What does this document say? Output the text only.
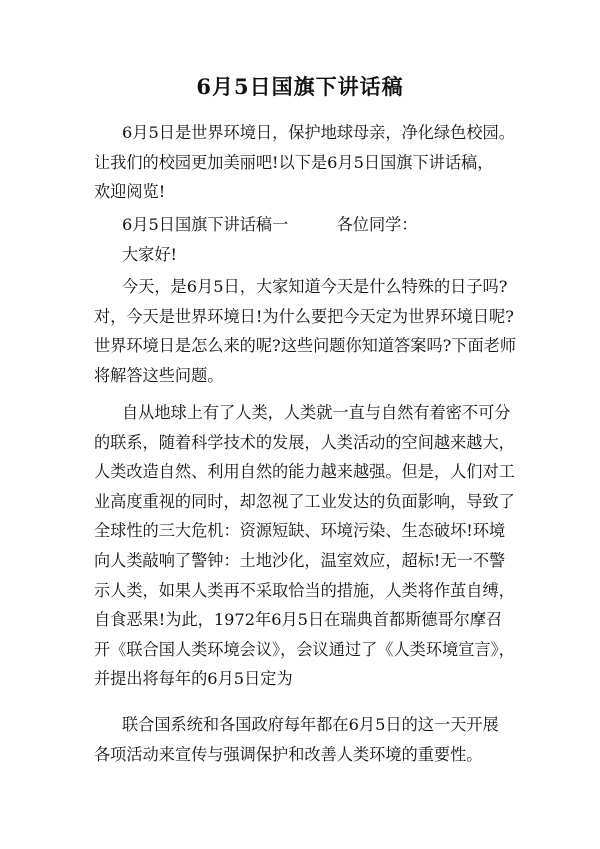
6月5日国旗下讲话稿

6月5日是世界环境日，保护地球母亲，净化绿色校园。
让我们的校园更加美丽吧!以下是6月5日国旗下讲话稿，
欢迎阅览!

6月5日国旗下讲话稿一	各位同学：

大家好!

今天，是6月5日，大家知道今天是什么特殊的日子吗?
对，今天是世界环境日!为什么要把今天定为世界环境日呢?
世界环境日是怎么来的呢?这些问题你知道答案吗?下面老师
将解答这些问题。

自从地球上有了人类，人类就一直与自然有着密不可分
的联系，随着科学技术的发展，人类活动的空间越来越大，
人类改造自然、利用自然的能力越来越强。但是，人们对工
业高度重视的同时，却忽视了工业发达的负面影响，导致了
全球性的三大危机：资源短缺、环境污染、生态破坏!环境
向人类敲响了警钟：土地沙化，温室效应，超标!无一不警
示人类，如果人类再不采取恰当的措施，人类将作茧自缚，
自食恶果!为此，1972年6月5日在瑞典首都斯德哥尔摩召
开《联合国人类环境会议》，会议通过了《人类环境宣言》，
并提出将每年的6月5日定为

联合国系统和各国政府每年都在6月5日的这一天开展
各项活动来宣传与强调保护和改善人类环境的重要性。
